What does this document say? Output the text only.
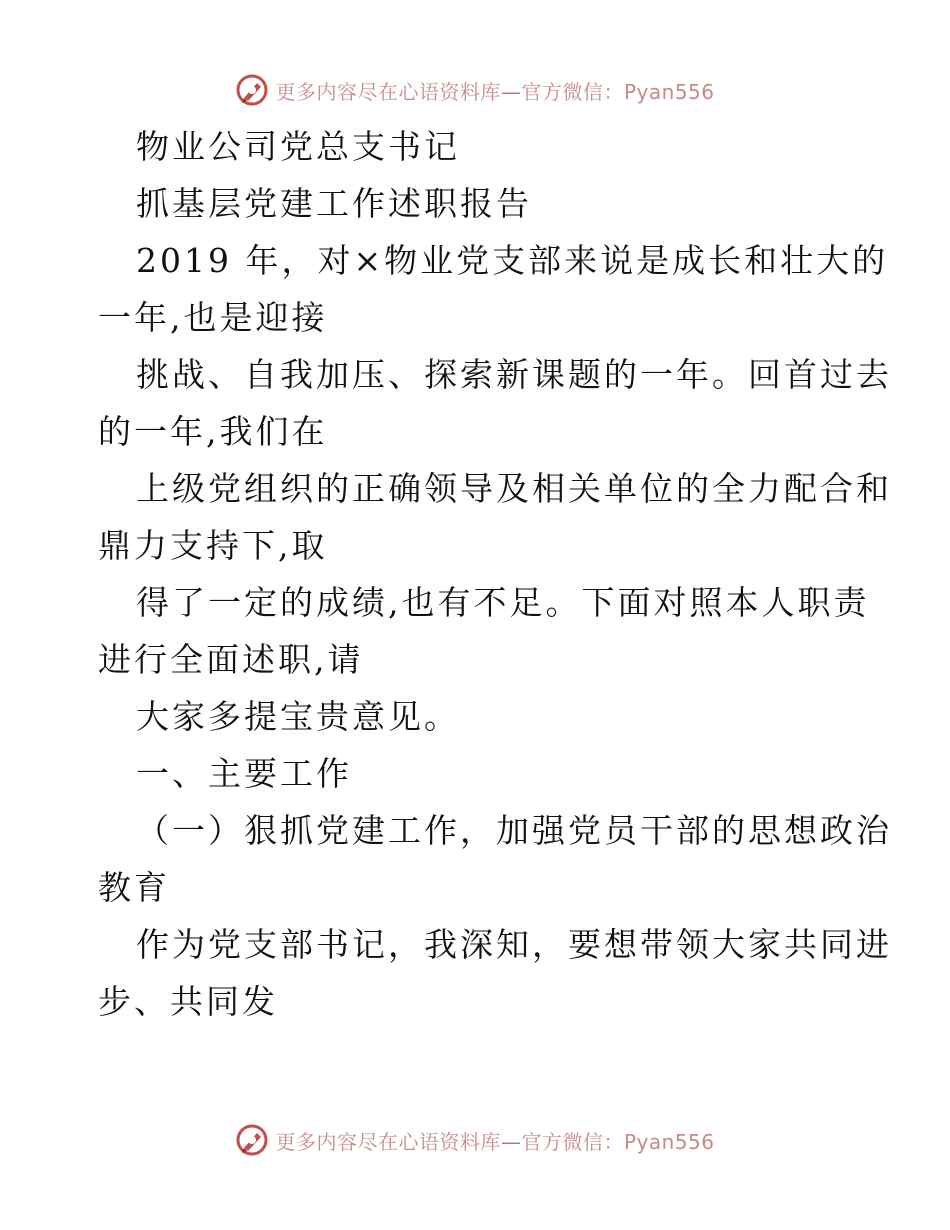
更多内容尽在心语资料库—官方微信：Pyan556
物业公司党总支书记
抓基层党建工作述职报告
2019 年，对×物业党支部来说是成长和壮大的
一年,也是迎接
挑战、自我加压、探索新课题的一年。回首过去
的一年,我们在
上级党组织的正确领导及相关单位的全力配合和
鼎力支持下,取
得了一定的成绩,也有不足。下面对照本人职责
进行全面述职,请
大家多提宝贵意见。
一、主要工作
（一）狠抓党建工作，加强党员干部的思想政治
教育
作为党支部书记，我深知，要想带领大家共同进
步、共同发
更多内容尽在心语资料库—官方微信：Pyan556
